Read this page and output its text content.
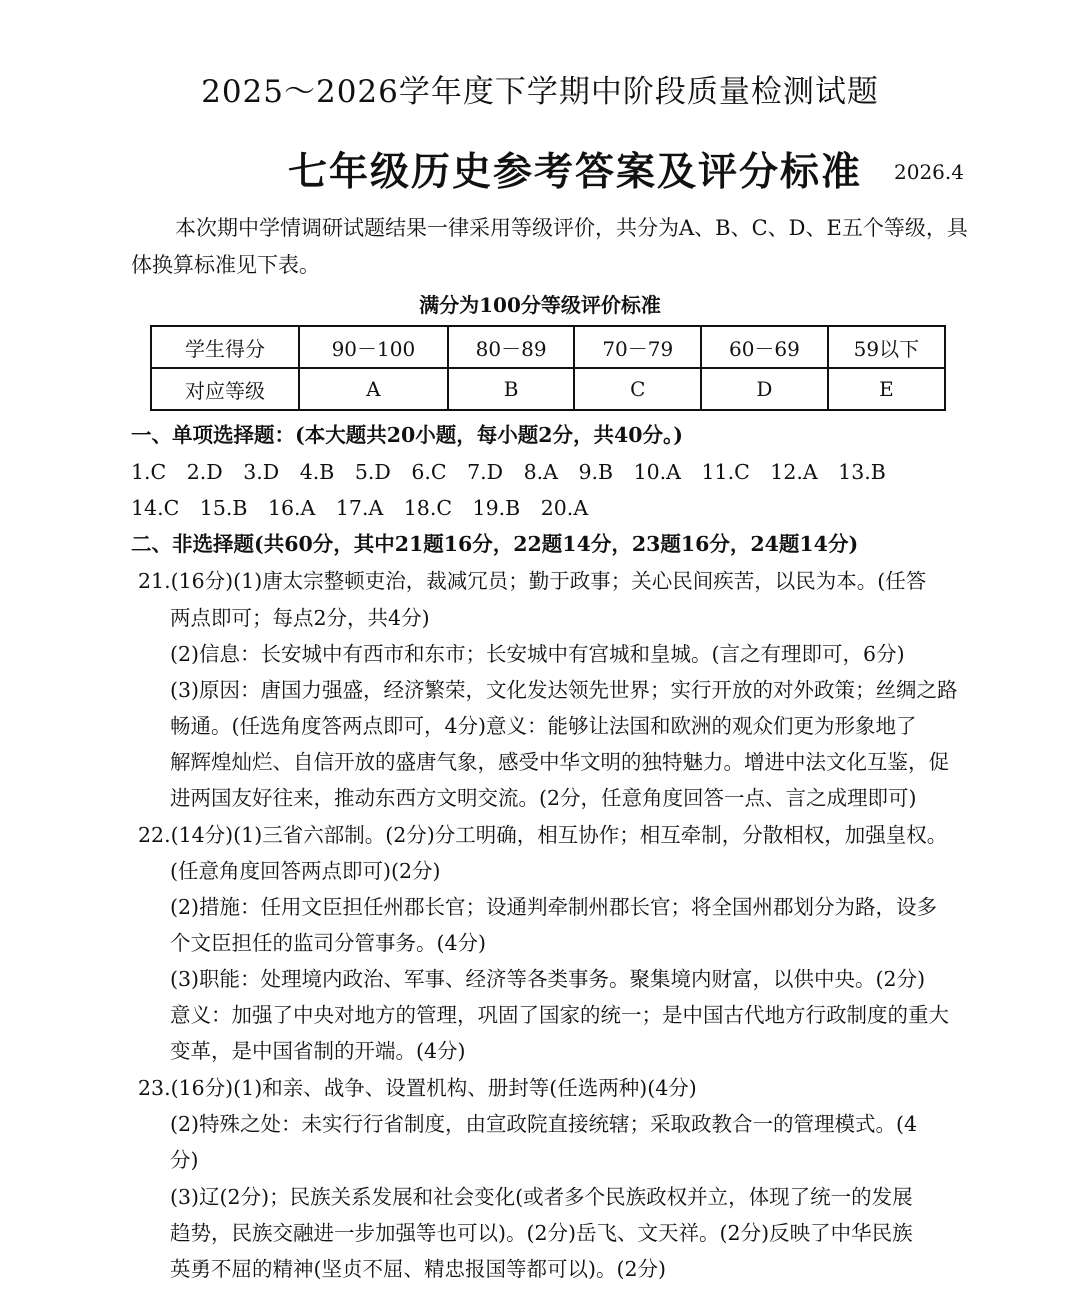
2025～2026学年度下学期中阶段质量检测试题
七年级历史参考答案及评分标准 2026.4
本次期中学情调研试题结果一律采用等级评价，共分为A、B、C、D、E五个等级，具体换算标准见下表。
满分为100分等级评价标准
学生得分	90－100	80－89	70－79	60－69	59以下
对应等级	A	B	C	D	E
一、单项选择题：(本大题共20小题，每小题2分，共40分。)
1.C　2.D　3.D　4.B　5.D　6.C　7.D　8.A　9.B　10.A　11.C　12.A　13.B
14.C　15.B　16.A　17.A　18.C　19.B　20.A
二、非选择题(共60分，其中21题16分，22题14分，23题16分，24题14分)
21.(16分)(1)唐太宗整顿吏治，裁减冗员；勤于政事；关心民间疾苦，以民为本。(任答
两点即可；每点2分，共4分)
(2)信息：长安城中有西市和东市；长安城中有宫城和皇城。(言之有理即可，6分)
(3)原因：唐国力强盛，经济繁荣，文化发达领先世界；实行开放的对外政策；丝绸之路
畅通。(任选角度答两点即可，4分)意义：能够让法国和欧洲的观众们更为形象地了
解辉煌灿烂、自信开放的盛唐气象，感受中华文明的独特魅力。增进中法文化互鉴，促
进两国友好往来，推动东西方文明交流。(2分，任意角度回答一点、言之成理即可)
22.(14分)(1)三省六部制。(2分)分工明确，相互协作；相互牵制，分散相权，加强皇权。
(任意角度回答两点即可)(2分)
(2)措施：任用文臣担任州郡长官；设通判牵制州郡长官；将全国州郡划分为路，设多
个文臣担任的监司分管事务。(4分)
(3)职能：处理境内政治、军事、经济等各类事务。聚集境内财富，以供中央。(2分)
意义：加强了中央对地方的管理，巩固了国家的统一；是中国古代地方行政制度的重大
变革，是中国省制的开端。(4分)
23.(16分)(1)和亲、战争、设置机构、册封等(任选两种)(4分)
(2)特殊之处：未实行行省制度，由宣政院直接统辖；采取政教合一的管理模式。(4
分)
(3)辽(2分)；民族关系发展和社会变化(或者多个民族政权并立，体现了统一的发展
趋势，民族交融进一步加强等也可以)。(2分)岳飞、文天祥。(2分)反映了中华民族
英勇不屈的精神(坚贞不屈、精忠报国等都可以)。(2分)
